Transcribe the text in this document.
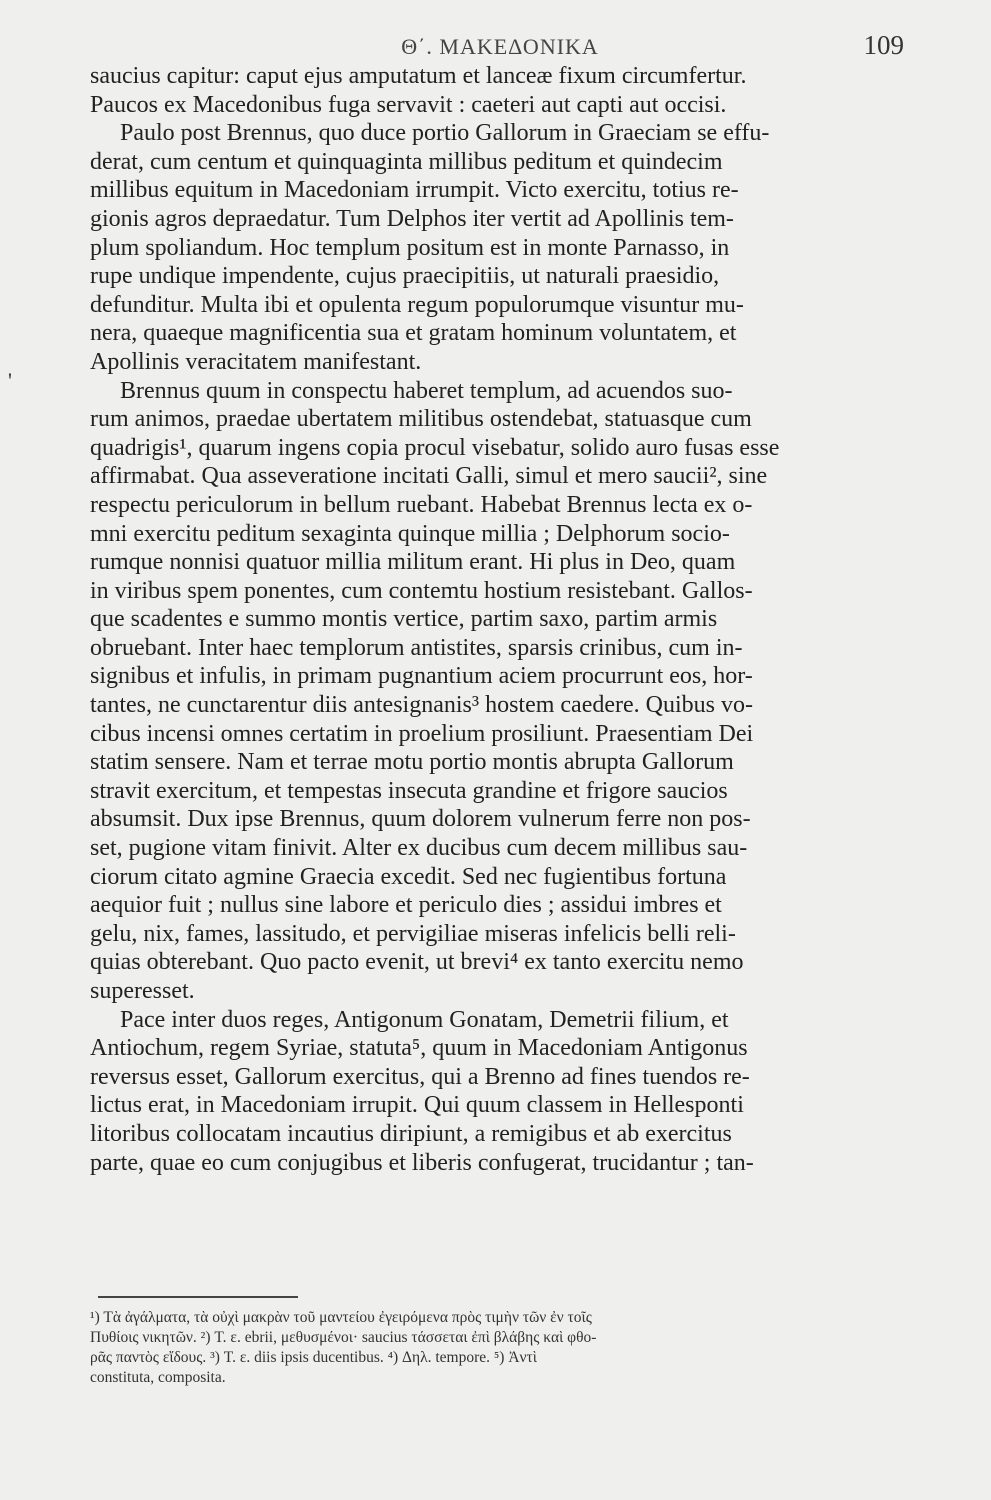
Θ΄. ΜΑΚΕΔΟΝΙΚΑ	109
saucius capitur: caput ejus amputatum et lanceæ fixum circumfertur.
Paucos ex Macedonibus fuga servavit : caeteri aut capti aut occisi.
Paulo post Brennus, quo duce portio Gallorum in Graeciam se effu-
derat, cum centum et quinquaginta millibus peditum et quindecim
millibus equitum in Macedoniam irrumpit. Victo exercitu, totius re-
gionis agros depraedatur. Tum Delphos iter vertit ad Apollinis tem-
plum spoliandum. Hoc templum positum est in monte Parnasso, in
rupe undique impendente, cujus praecipitiis, ut naturali praesidio,
defunditur. Multa ibi et opulenta regum populorumque visuntur mu-
nera, quaeque magnificentia sua et gratam hominum voluntatem, et
Apollinis veracitatem manifestant.
Brennus quum in conspectu haberet templum, ad acuendos suo-
rum animos, praedae ubertatem militibus ostendebat, statuasque cum
quadrigis¹, quarum ingens copia procul visebatur, solido auro fusas esse
affirmabat. Qua asseveratione incitati Galli, simul et mero saucii², sine
respectu periculorum in bellum ruebant. Habebat Brennus lecta ex o-
mni exercitu peditum sexaginta quinque millia ; Delphorum socio-
rumque nonnisi quatuor millia militum erant. Hi plus in Deo, quam
in viribus spem ponentes, cum contemtu hostium resistebant. Gallos-
que scadentes e summo montis vertice, partim saxo, partim armis
obruebant. Inter haec templorum antistites, sparsis crinibus, cum in-
signibus et infulis, in primam pugnantium aciem procurrunt eos, hor-
tantes, ne cunctarentur diis antesignanis³ hostem caedere. Quibus vo-
cibus incensi omnes certatim in proelium prosiliunt. Praesentiam Dei
statim sensere. Nam et terrae motu portio montis abrupta Gallorum
stravit exercitum, et tempestas insecuta grandine et frigore saucios
absumsit. Dux ipse Brennus, quum dolorem vulnerum ferre non pos-
set, pugione vitam finivit. Alter ex ducibus cum decem millibus sau-
ciorum citato agmine Graecia excedit. Sed nec fugientibus fortuna
aequior fuit ; nullus sine labore et periculo dies ; assidui imbres et
gelu, nix, fames, lassitudo, et pervigiliae miseras infelicis belli reli-
quias obterebant. Quo pacto evenit, ut brevi⁴ ex tanto exercitu nemo
superesset.
Pace inter duos reges, Antigonum Gonatam, Demetrii filium, et
Antiochum, regem Syriae, statuta⁵, quum in Macedoniam Antigonus
reversus esset, Gallorum exercitus, qui a Brenno ad fines tuendos re-
lictus erat, in Macedoniam irrupit. Qui quum classem in Hellesponti
litoribus collocatam incautius diripiunt, a remigibus et ab exercitus
parte, quae eo cum conjugibus et liberis confugerat, trucidantur ; tan-
¹) Τὰ ἀγάλματα, τὰ οὐχὶ μακρὰν τοῦ μαντείου ἐγειρόμενα πρὸς τιμὴν τῶν ἐν τοῖς
Πυθίοις νικητῶν. ²) T. ε. ebrii, μεθυσμένοι· saucius τάσσεται ἐπὶ βλάβης καὶ φθο-
ρᾶς παντὸς εἴδους. ³) T. ε. diis ipsis ducentibus. ⁴) Δηλ. tempore. ⁵) Ἀντὶ
constituta, composita.
'
